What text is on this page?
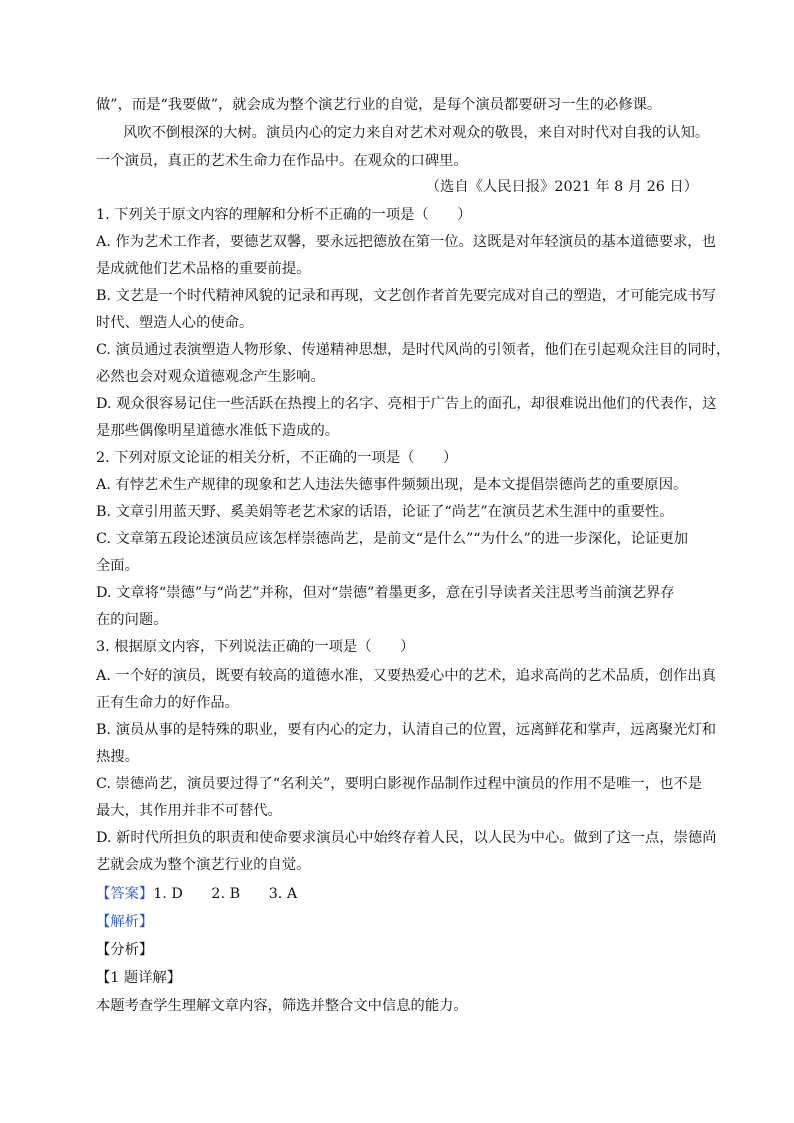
做”，而是“我要做”，就会成为整个演艺行业的自觉，是每个演员都要研习一生的必修课。
风吹不倒根深的大树。演员内心的定力来自对艺术对观众的敬畏，来自对时代对自我的认知。
一个演员，真正的艺术生命力在作品中。在观众的口碑里。
（选自《人民日报》2021 年 8 月 26 日）
1. 下列关于原文内容的理解和分析不正确的一项是（　　）
A. 作为艺术工作者，要德艺双馨，要永远把德放在第一位。这既是对年轻演员的基本道德要求，也
是成就他们艺术品格的重要前提。
B. 文艺是一个时代精神风貌的记录和再现，文艺创作者首先要完成对自己的塑造，才可能完成书写
时代、塑造人心的使命。
C. 演员通过表演塑造人物形象、传递精神思想，是时代风尚的引领者，他们在引起观众注目的同时，
必然也会对观众道德观念产生影响。
D. 观众很容易记住一些活跃在热搜上的名字、亮相于广告上的面孔，却很难说出他们的代表作，这
是那些偶像明星道德水准低下造成的。
2. 下列对原文论证的相关分析，不正确的一项是（　　）
A. 有悖艺术生产规律的现象和艺人违法失德事件频频出现，是本文提倡崇德尚艺的重要原因。
B. 文章引用蓝天野、奚美娟等老艺术家的话语，论证了“尚艺”在演员艺术生涯中的重要性。
C. 文章第五段论述演员应该怎样崇德尚艺，是前文“是什么”“为什么”的进一步深化，论证更加
全面。
D. 文章将“崇德”与“尚艺”并称，但对“崇德”着墨更多，意在引导读者关注思考当前演艺界存
在的问题。
3. 根据原文内容，下列说法正确的一项是（　　）
A. 一个好的演员，既要有较高的道德水准，又要热爱心中的艺术，追求高尚的艺术品质，创作出真
正有生命力的好作品。
B. 演员从事的是特殊的职业，要有内心的定力，认清自己的位置，远离鲜花和掌声，远离聚光灯和
热搜。
C. 崇德尚艺，演员要过得了“名利关”，要明白影视作品制作过程中演员的作用不是唯一，也不是
最大，其作用并非不可替代。
D. 新时代所担负的职责和使命要求演员心中始终存着人民，以人民为中心。做到了这一点，崇德尚
艺就会成为整个演艺行业的自觉。
【答案】1. D　　2. B　　3. A
【解析】
【分析】
【1 题详解】
本题考查学生理解文章内容，筛选并整合文中信息的能力。
